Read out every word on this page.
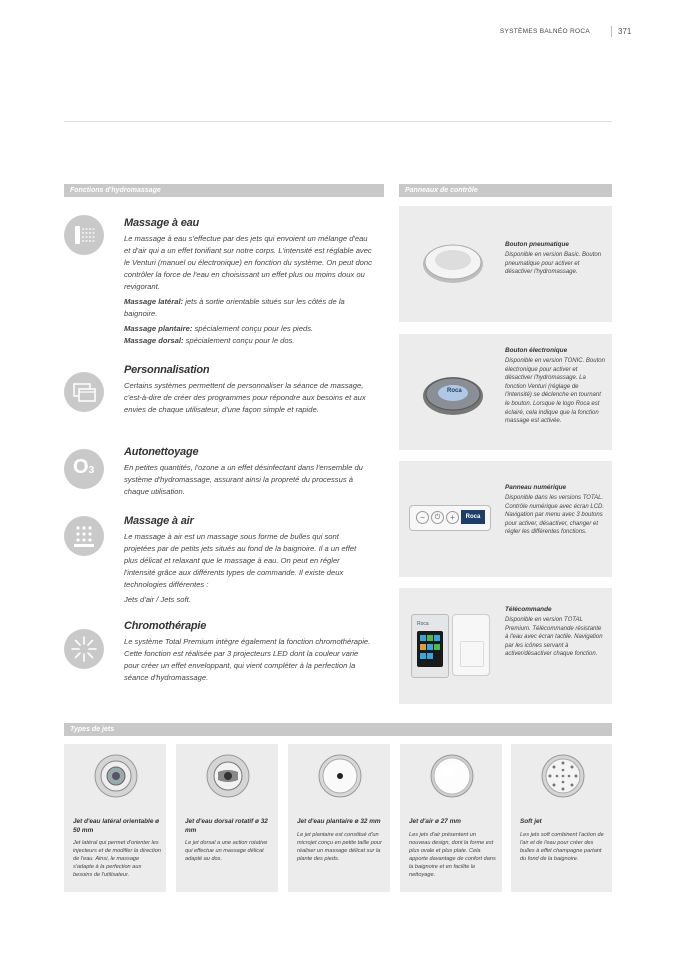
SYSTÈMES BALNÉO ROCA	371
Fonctions d'hydromassage	Panneaux de contrôle
Types de jets
Massage à eau

Le massage à eau s'effectue par des jets qui envoient un mélange d'eau et d'air qui a un effet tonifiant sur notre corps. L'intensité est réglable avec le Venturi (manuel ou électronique) en fonction du système. On peut donc contrôler la force de l'eau en choisissant un effet plus ou moins doux ou revigorant.

Massage latéral: jets à sortie orientable situés sur les côtés de la baignoire.

Massage plantaire: spécialement conçu pour les pieds.
Massage dorsal: spécialement conçu pour le dos.

Personnalisation
Certains systèmes permettent de personnaliser la séance de massage, c'est-à-dire de créer des programmes pour répondre aux besoins et aux envies de chaque utilisateur, d'une façon simple et rapide.
O3
Autonettoyage
En petites quantités, l'ozone a un effet désinfectant dans l'ensemble du système d'hydromassage, assurant ainsi la propreté du processus à chaque utilisation.
Massage à air

Le massage à air est un massage sous forme de bulles qui sont projetées par de petits jets situés au fond de la baignoire. Il a un effet plus délicat et relaxant que le massage à eau. On peut en régler l'intensité grâce aux différents types de commande. Il existe deux technologies différentes :

Jets d'air / Jets soft.

Chromothérapie
Le système Total Premium intègre également la fonction chromothérapie. Cette fonction est réalisée par 3 projecteurs LED dont la couleur varie pour créer un effet enveloppant, qui vient compléter à la perfection la séance d'hydromassage.
Bouton pneumatique
Disponible en version Basic. Bouton pneumatique pour activer et désactiver l'hydromassage.
Roca
Bouton électronique
Disponible en version TONIC. Bouton électronique pour activer et désactiver l'hydromassage. La fonction Venturi (réglage de l'intensité) se déclenche en tournant le bouton. Lorsque le logo Roca est éclairé, cela indique que la fonction massage est activée.
−	⏻	+	Roca
Panneau numérique
Disponible dans les versions TOTAL. Contrôle numérique avec écran LCD. Navigation par menu avec 3 boutons pour activer, désactiver, changer et régler les différentes fonctions.
Roca
Télécommande
Disponible en version TOTAL Premium. Télécommande résistante à l'eau avec écran tactile. Navigation par les icônes servant à activer/désactiver chaque fonction.
Jet d'eau latéral orientable ø 50 mm
Jet latéral qui permet d'orienter les injecteurs et de modifier la direction de l'eau. Ainsi, le massage s'adapte à la perfection aux besoins de l'utilisateur.
Jet d'eau dorsal rotatif ø 32 mm
Le jet dorsal a une action rotative qui effectue un massage délicat adapté au dos.
Jet d'eau plantaire ø 32 mm
Le jet plantaire est constitué d'un microjet conçu en petite taille pour réaliser un massage délicat sur la plante des pieds.
Jet d'air ø 27 mm
Les jets d'air présentent un nouveau design, dont la forme est plus ovale et plus plate. Cela apporte davantage de confort dans la baignoire et en facilite le nettoyage.
Soft jet
Les jets soft combinent l'action de l'air et de l'eau pour créer des bulles à effet champagne partant du fond de la baignoire.
